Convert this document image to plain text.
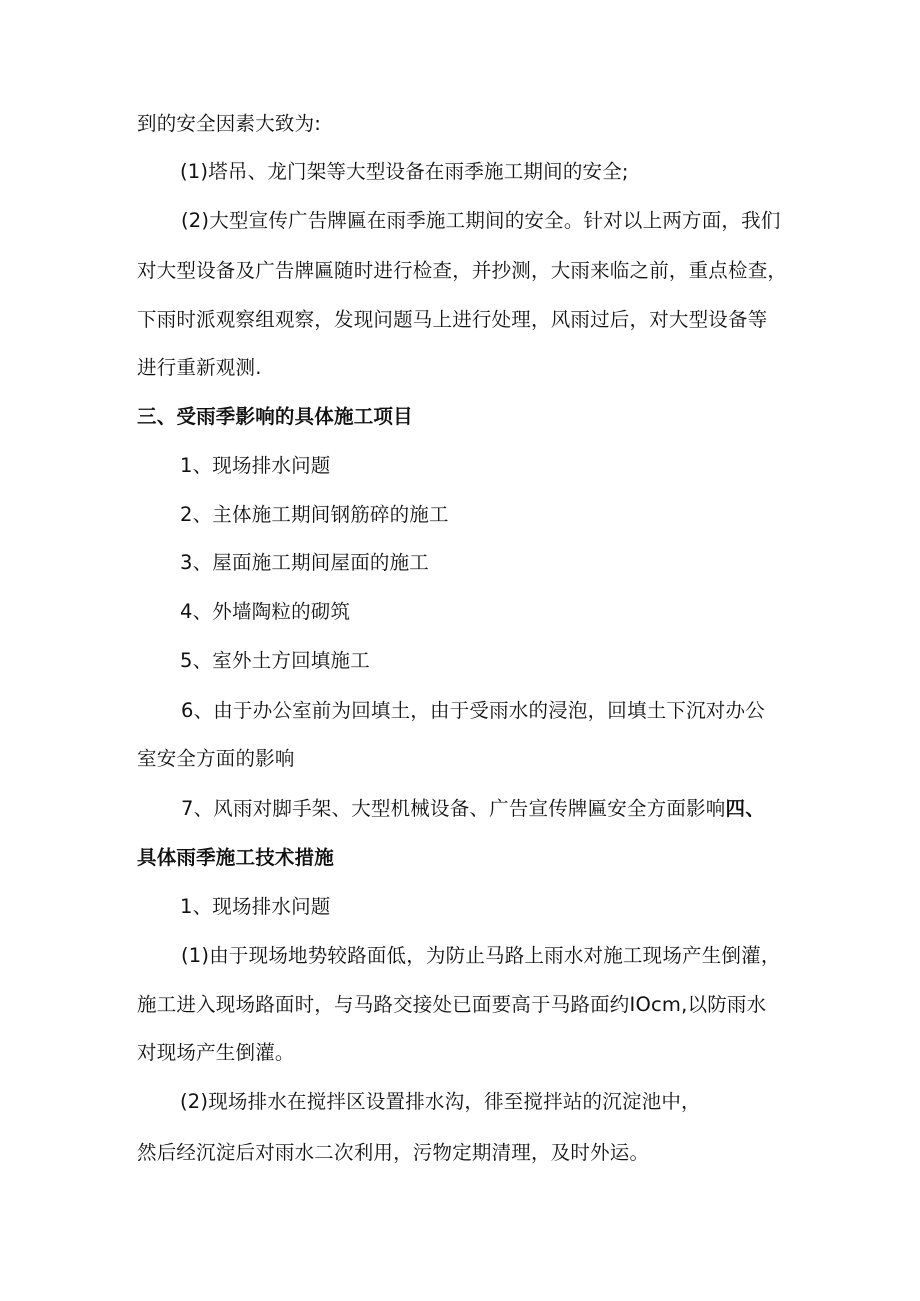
到的安全因素大致为:
(1)塔吊、龙门架等大型设备在雨季施工期间的安全;
(2)大型宣传广告牌匾在雨季施工期间的安全。针对以上两方面，我们
对大型设备及广告牌匾随时进行检查，并抄测，大雨来临之前，重点检查，
下雨时派观察组观察，发现问题马上进行处理，风雨过后，对大型设备等
进行重新观测.
三、受雨季影响的具体施工项目
1、现场排水问题
2、主体施工期间钢筋碎的施工
3、屋面施工期间屋面的施工
4、外墙陶粒的砌筑
5、室外土方回填施工
6、由于办公室前为回填土，由于受雨水的浸泡，回填土下沉对办公
室安全方面的影响
7、风雨对脚手架、大型机械设备、广告宣传牌匾安全方面影响四、
具体雨季施工技术措施
1、现场排水问题
(1)由于现场地势较路面低，为防止马路上雨水对施工现场产生倒灌，
施工进入现场路面时，与马路交接处已面要高于马路面约IOcm,以防雨水
对现场产生倒灌。
(2)现场排水在搅拌区设置排水沟，徘至搅拌站的沉淀池中，
然后经沉淀后对雨水二次利用，污物定期清理，及时外运。
